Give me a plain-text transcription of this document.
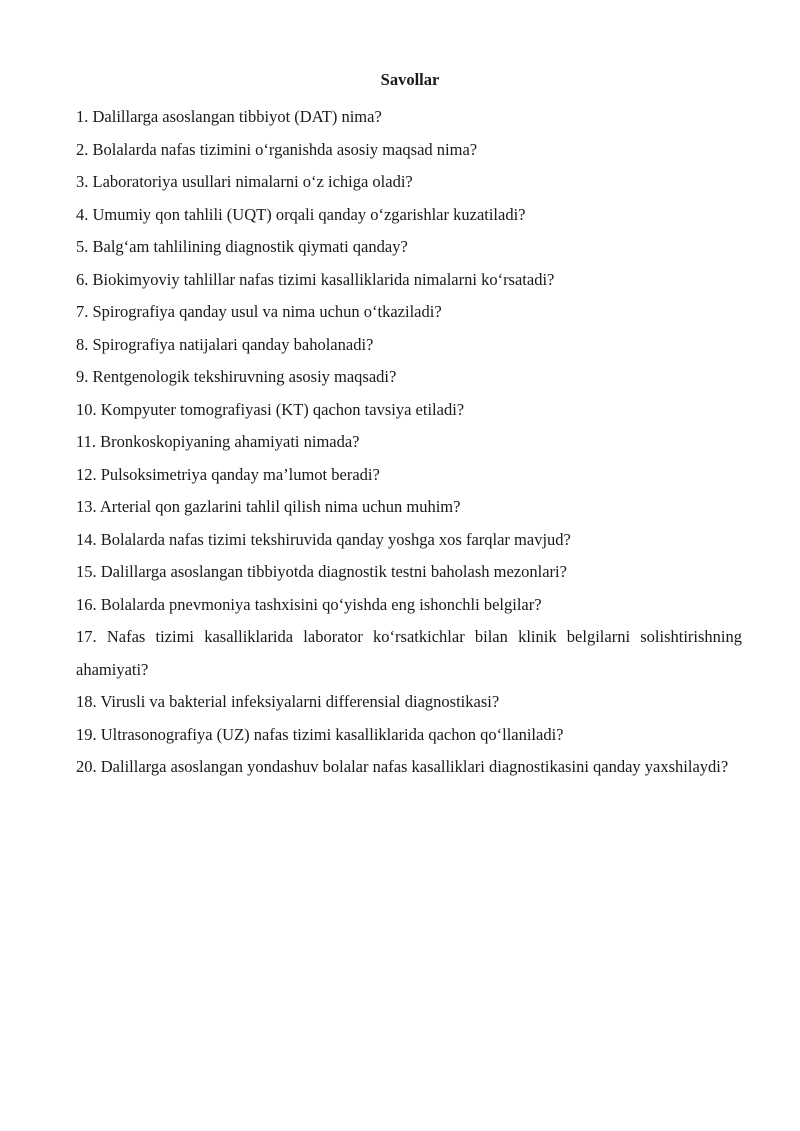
Savollar
1. Dalillarga asoslangan tibbiyot (DAT) nima?
2. Bolalarda nafas tizimini o‘rganishda asosiy maqsad nima?
3. Laboratoriya usullari nimalarni o‘z ichiga oladi?
4. Umumiy qon tahlili (UQT) orqali qanday o‘zgarishlar kuzatiladi?
5. Balg‘am tahlilining diagnostik qiymati qanday?
6. Biokimyoviy tahlillar nafas tizimi kasalliklarida nimalarni ko‘rsatadi?
7. Spirografiya qanday usul va nima uchun o‘tkaziladi?
8. Spirografiya natijalari qanday baholanadi?
9. Rentgenologik tekshiruvning asosiy maqsadi?
10. Kompyuter tomografiyasi (KT) qachon tavsiya etiladi?
11. Bronkoskopiyaning ahamiyati nimada?
12. Pulsoksimetriya qanday ma’lumot beradi?
13. Arterial qon gazlarini tahlil qilish nima uchun muhim?
14. Bolalarda nafas tizimi tekshiruvida qanday yoshga xos farqlar mavjud?
15. Dalillarga asoslangan tibbiyotda diagnostik testni baholash mezonlari?
16. Bolalarda pnevmoniya tashxisini qo‘yishda eng ishonchli belgilar?
17. Nafas tizimi kasalliklarida laborator ko‘rsatkichlar bilan klinik belgilarni solishtirishning ahamiyati?
18. Virusli va bakterial infeksiyalarni differensial diagnostikasi?
19. Ultrasonografiya (UZ) nafas tizimi kasalliklarida qachon qo‘llaniladi?
20. Dalillarga asoslangan yondashuv bolalar nafas kasalliklari diagnostikasini qanday yaxshilaydi?
